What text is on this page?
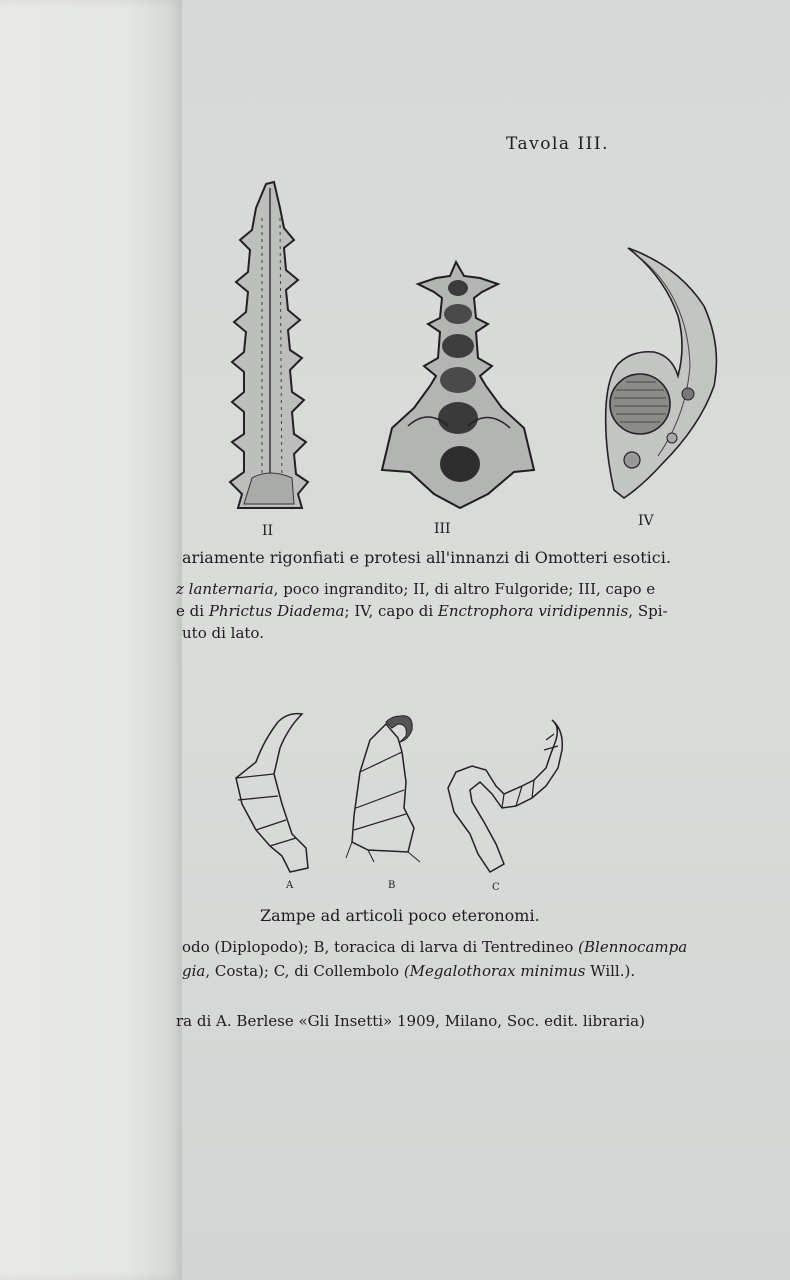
Tavola III.
II	III	IV
ariamente rigonfiati e protesi all'innanzi di Omotteri esotici.
z lanternaria, poco ingrandito; II, di altro Fulgoride; III, capo e
e di Phrictus Diadema; IV, capo di Enctrophora viridipennis, Spi-
uto di lato.
A	B	C
Zampe ad articoli poco eteronomi.
odo (Diplopodo); B, toracica di larva di Tentredineo (Blennocampa
gia, Costa); C, di Collembolo (Megalothorax minimus Will.).
ra di A. Berlese «Gli Insetti» 1909, Milano, Soc. edit. libraria)
